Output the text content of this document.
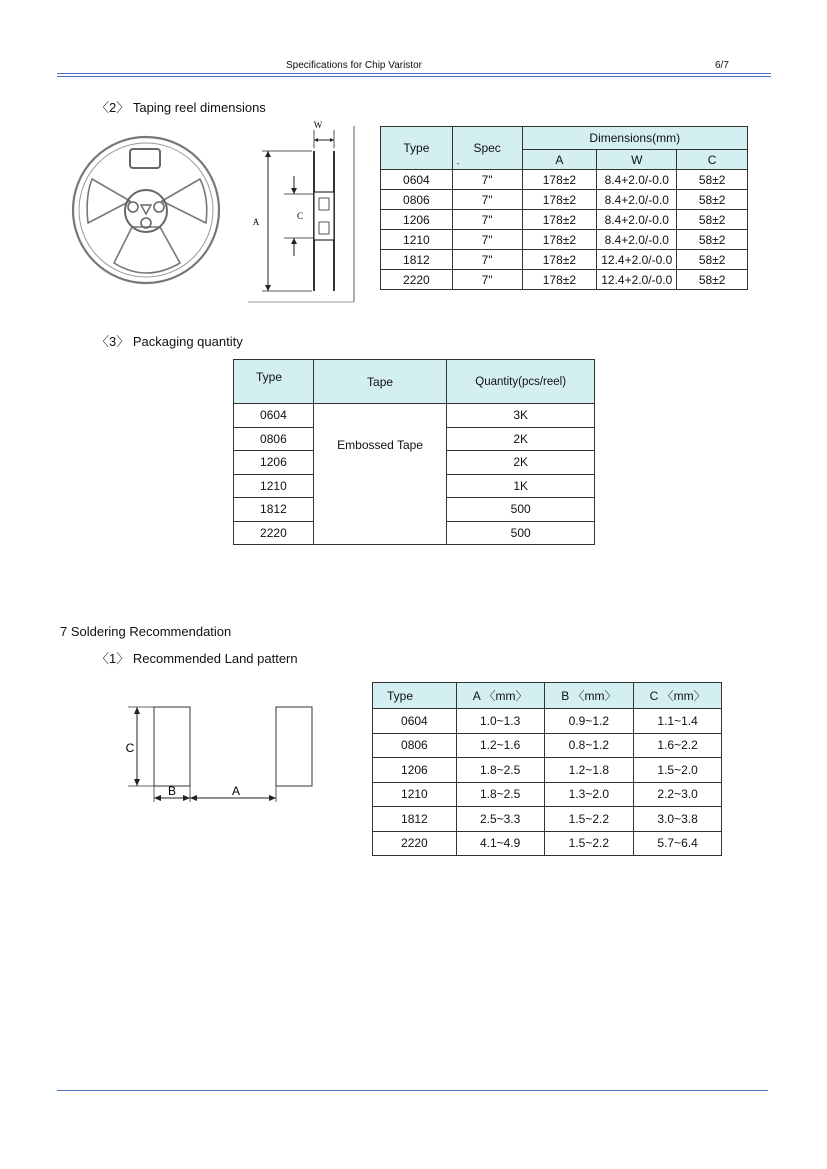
Specifications for Chip Varistor	6/7
〈2〉 Taping reel dimensions
W
A
C
Type	Spec
-	Dimensions(mm)		
		A	W	C
0604	7"	178±2	8.4+2.0/-0.0	58±2
0806	7"	178±2	8.4+2.0/-0.0	58±2
1206	7"	178±2	8.4+2.0/-0.0	58±2
1210	7"	178±2	8.4+2.0/-0.0	58±2
1812	7"	178±2	12.4+2.0/-0.0	58±2
2220	7"	178±2	12.4+2.0/-0.0	58±2
〈3〉 Packaging quantity
Type	Tape	Quantity(pcs/reel)
0604	Embossed Tape	3K
0806		2K
1206		2K
1210		1K
1812		500
2220		500
7 Soldering Recommendation
〈1〉 Recommended Land pattern
C
B	A
Type	A 〈mm〉	B 〈mm〉	C 〈mm〉
0604	1.0~1.3	0.9~1.2	1.1~1.4
0806	1.2~1.6	0.8~1.2	1.6~2.2
1206	1.8~2.5	1.2~1.8	1.5~2.0
1210	1.8~2.5	1.3~2.0	2.2~3.0
1812	2.5~3.3	1.5~2.2	3.0~3.8
2220	4.1~4.9	1.5~2.2	5.7~6.4
